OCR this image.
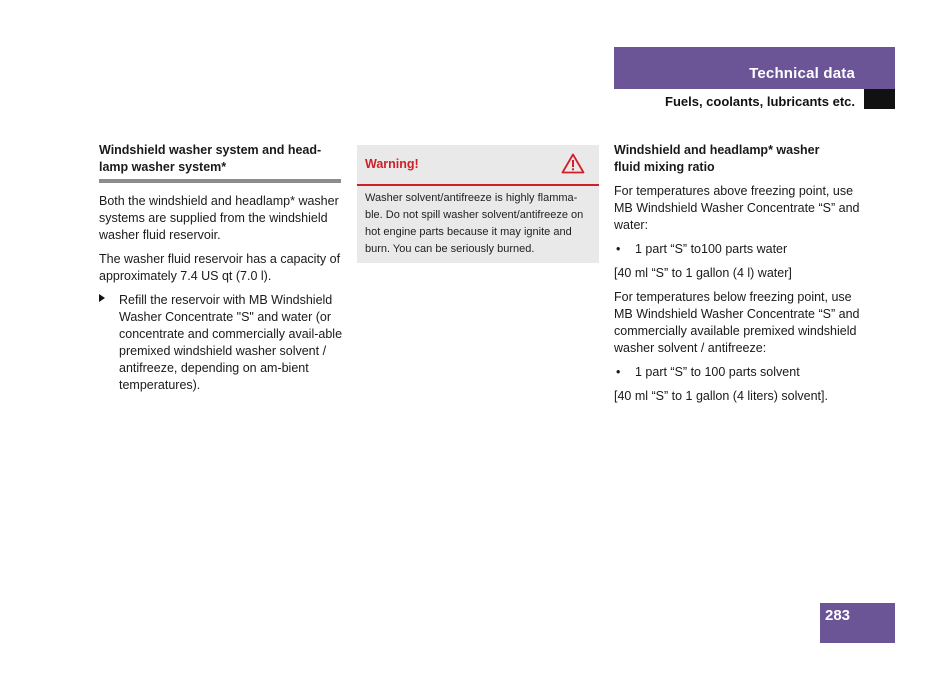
Technical data
Fuels, coolants, lubricants etc.
Windshield washer system and head-
lamp washer system*

Both the windshield and headlamp* washer systems are supplied from the windshield washer fluid reservoir.

The washer fluid reservoir has a capacity of approximately 7.4 US qt (7.0 l).

Refill the reservoir with MB Windshield Washer Concentrate "S" and water (or concentrate and commercially avail-able premixed windshield washer solvent / antifreeze, depending on am-bient temperatures).
Warning!
Washer solvent/antifreeze is highly flamma-ble. Do not spill washer solvent/antifreeze on hot engine parts because it may ignite and burn. You can be seriously burned.
Windshield and headlamp* washer
fluid mixing ratio

For temperatures above freezing point, use MB Windshield Washer Concentrate “S” and water:

• 1 part “S” to100 parts water

[40 ml “S” to 1 gallon (4 l) water]

For temperatures below freezing point, use MB Windshield Washer Concentrate “S” and commercially available premixed windshield washer solvent / antifreeze:

• 1 part “S” to 100 parts solvent

[40 ml “S” to 1 gallon (4 liters) solvent].

283
